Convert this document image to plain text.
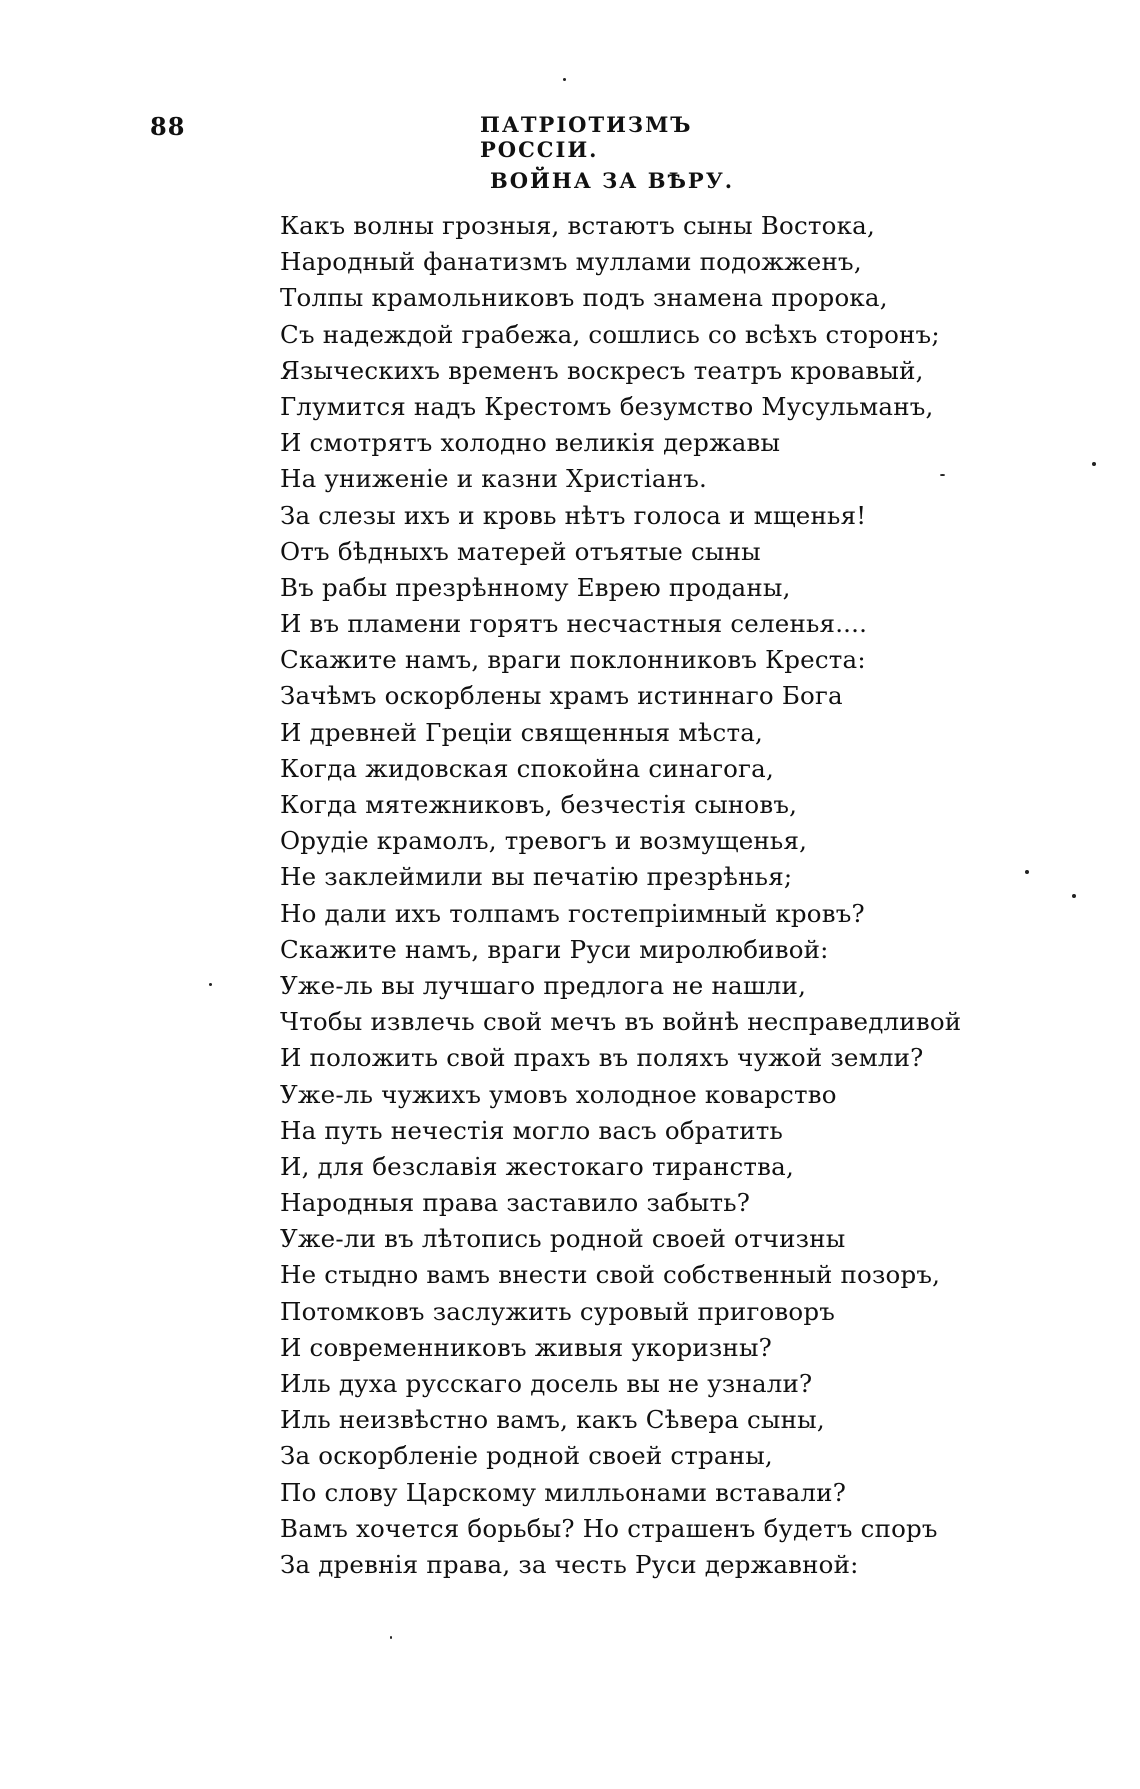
88	ПАТРІОТИЗМЪ РОССІИ.
ВОЙНА ЗА ВѢРУ.
Какъ волны грозныя, встаютъ сыны Востока,
Народный фанатизмъ муллами подожженъ,
Толпы крамольниковъ подъ знамена пророка,
Съ надеждой грабежа, сошлись со всѣхъ сторонъ;
Языческихъ временъ воскресъ театръ кровавый,
Глумится надъ Крестомъ безумство Мусульманъ,
И смотрятъ холодно великія державы
На униженіе и казни Христіанъ.
За слезы ихъ и кровь нѣтъ голоса и мщенья!
Отъ бѣдныхъ матерей отъятые сыны
Въ рабы презрѣнному Еврею проданы,
И въ пламени горятъ несчастныя селенья....
Скажите намъ, враги поклонниковъ Креста:
Зачѣмъ оскорблены храмъ истиннаго Бога
И древней Греціи священныя мѣста,
Когда жидовская спокойна синагога,
Когда мятежниковъ, безчестія сыновъ,
Орудіе крамолъ, тревогъ и возмущенья,
Не заклеймили вы печатію презрѣнья;
Но дали ихъ толпамъ гостепріимный кровъ?
Скажите намъ, враги Руси миролюбивой:
Уже-ль вы лучшаго предлога не нашли,
Чтобы извлечь свой мечъ въ войнѣ несправедливой
И положить свой прахъ въ поляхъ чужой земли?
Уже-ль чужихъ умовъ холодное коварство
На путь нечестія могло васъ обратить
И, для безславія жестокаго тиранства,
Народныя права заставило забыть?
Уже-ли въ лѣтопись родной своей отчизны
Не стыдно вамъ внести свой собственный позоръ,
Потомковъ заслужить суровый приговоръ
И современниковъ живыя укоризны?
Иль духа русскаго досель вы не узнали?
Иль неизвѣстно вамъ, какъ Сѣвера сыны,
За оскорбленіе родной своей страны,
По слову Царскому милльонами вставали?
Вамъ хочется борьбы? Но страшенъ будетъ споръ
За древнія права, за честь Руси державной:
